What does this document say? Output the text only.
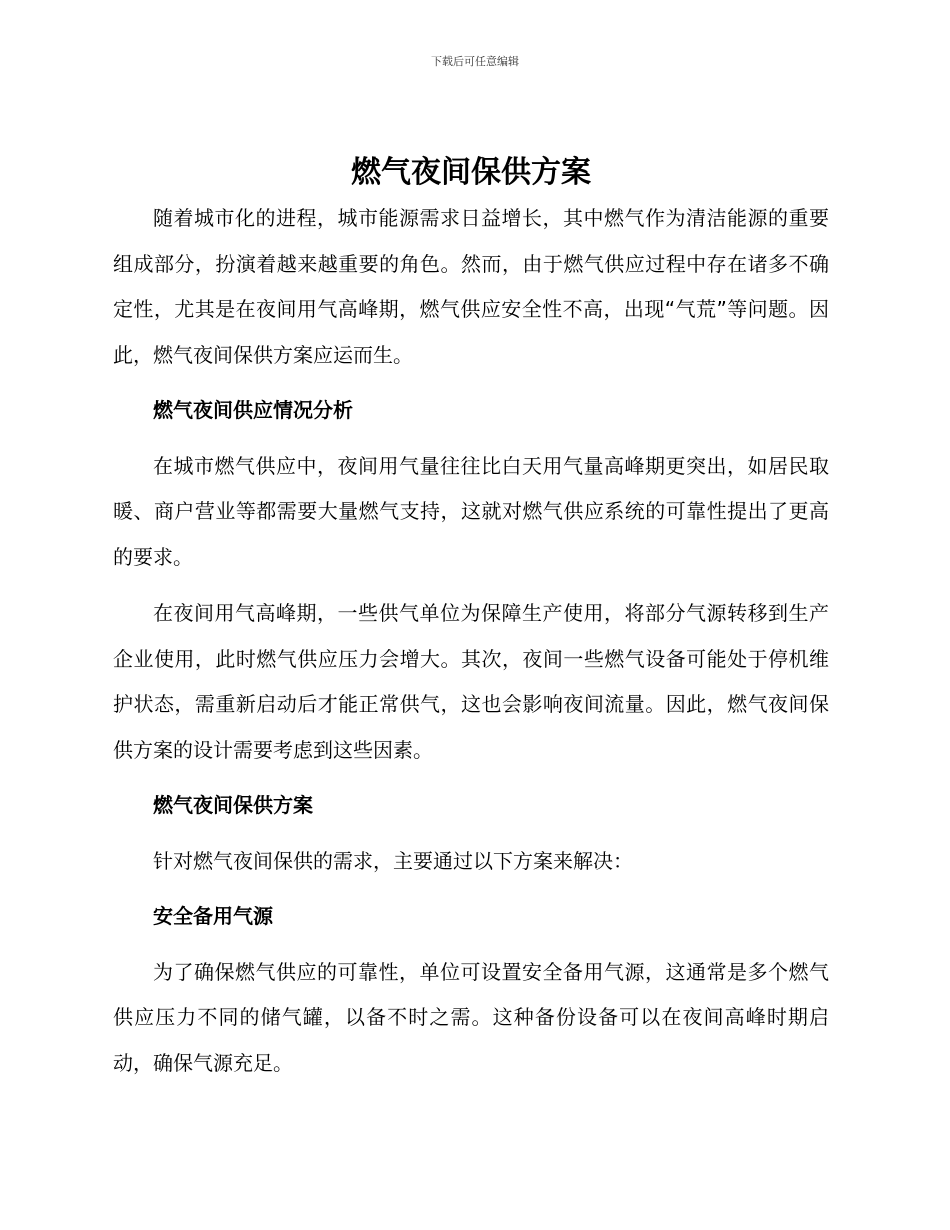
下载后可任意编辑
燃气夜间保供方案

随着城市化的进程，城市能源需求日益增长，其中燃气作为清洁能源的重要组成部分，扮演着越来越重要的角色。然而，由于燃气供应过程中存在诸多不确定性，尤其是在夜间用气高峰期，燃气供应安全性不高，出现“气荒”等问题。因此，燃气夜间保供方案应运而生。

燃气夜间供应情况分析

在城市燃气供应中，夜间用气量往往比白天用气量高峰期更突出，如居民取暖、商户营业等都需要大量燃气支持，这就对燃气供应系统的可靠性提出了更高的要求。

在夜间用气高峰期，一些供气单位为保障生产使用，将部分气源转移到生产企业使用，此时燃气供应压力会增大。其次，夜间一些燃气设备可能处于停机维护状态，需重新启动后才能正常供气，这也会影响夜间流量。因此，燃气夜间保供方案的设计需要考虑到这些因素。

燃气夜间保供方案

针对燃气夜间保供的需求，主要通过以下方案来解决：

安全备用气源

为了确保燃气供应的可靠性，单位可设置安全备用气源，这通常是多个燃气供应压力不同的储气罐，以备不时之需。这种备份设备可以在夜间高峰时期启动，确保气源充足。
